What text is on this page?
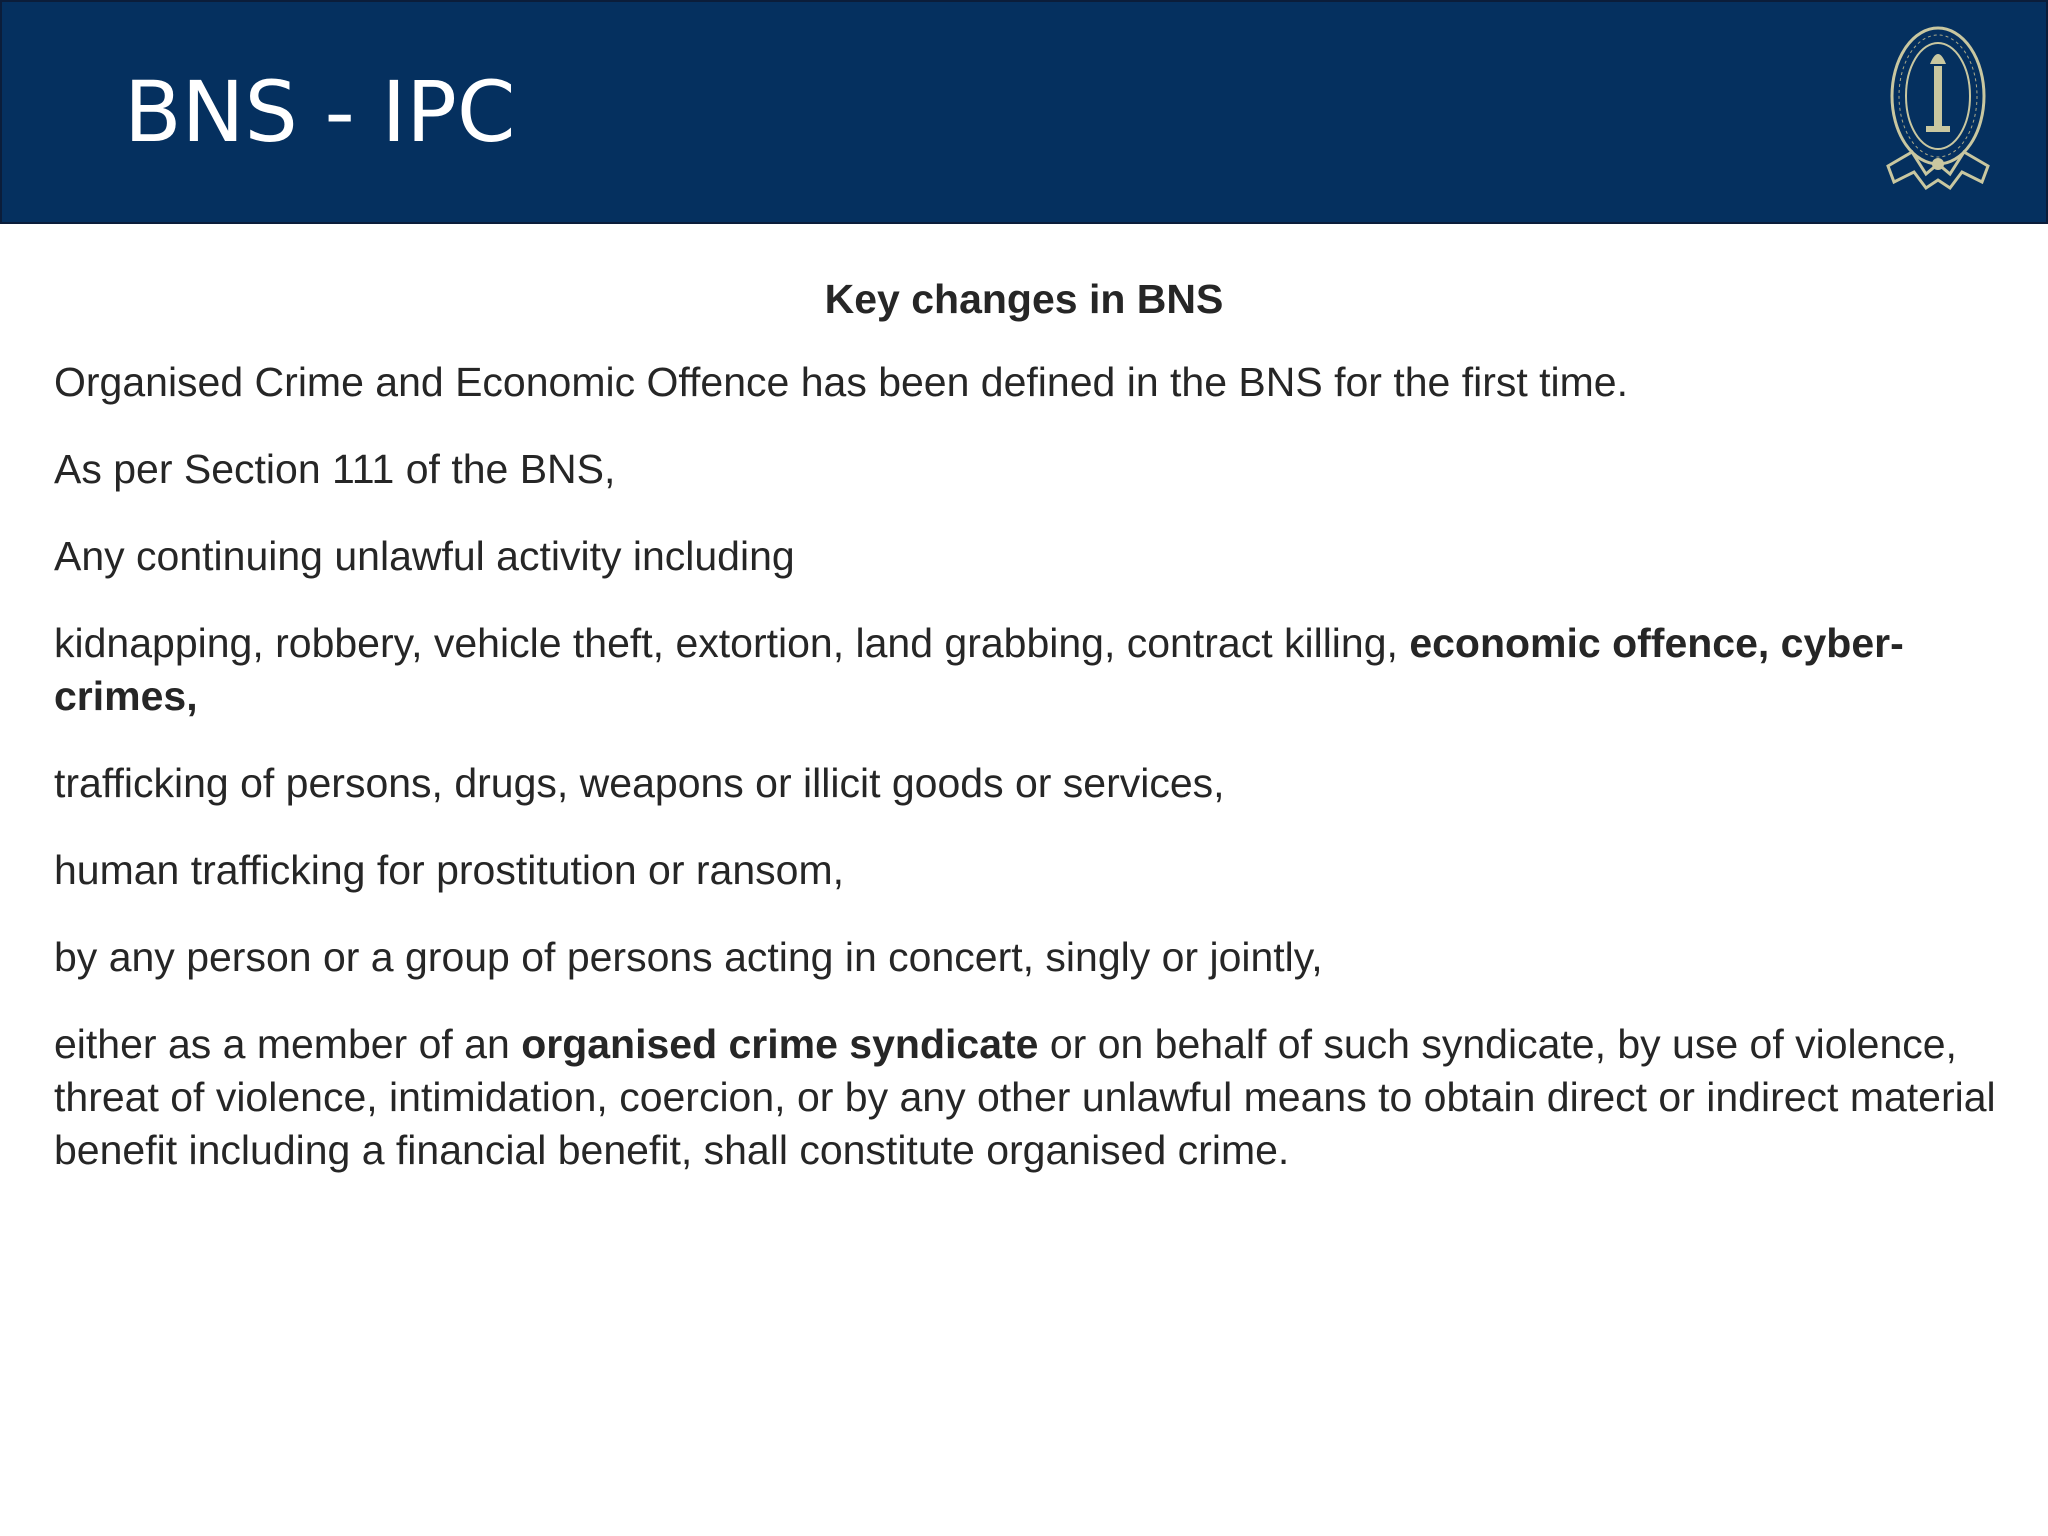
BNS - IPC
Key changes in BNS

Organised Crime and Economic Offence has been defined in the BNS for the first time.

As per Section 111 of the BNS,

Any continuing unlawful activity including

kidnapping, robbery, vehicle theft, extortion, land grabbing, contract killing, economic offence, cyber-crimes,

trafficking of persons, drugs, weapons or illicit goods or services,

human trafficking for prostitution or ransom,

by any person or a group of persons acting in concert, singly or jointly,

either as a member of an organised crime syndicate or on behalf of such syndicate, by use of violence, threat of violence, intimidation, coercion, or by any other unlawful means to obtain direct or indirect material benefit including a financial benefit, shall constitute organised crime.
